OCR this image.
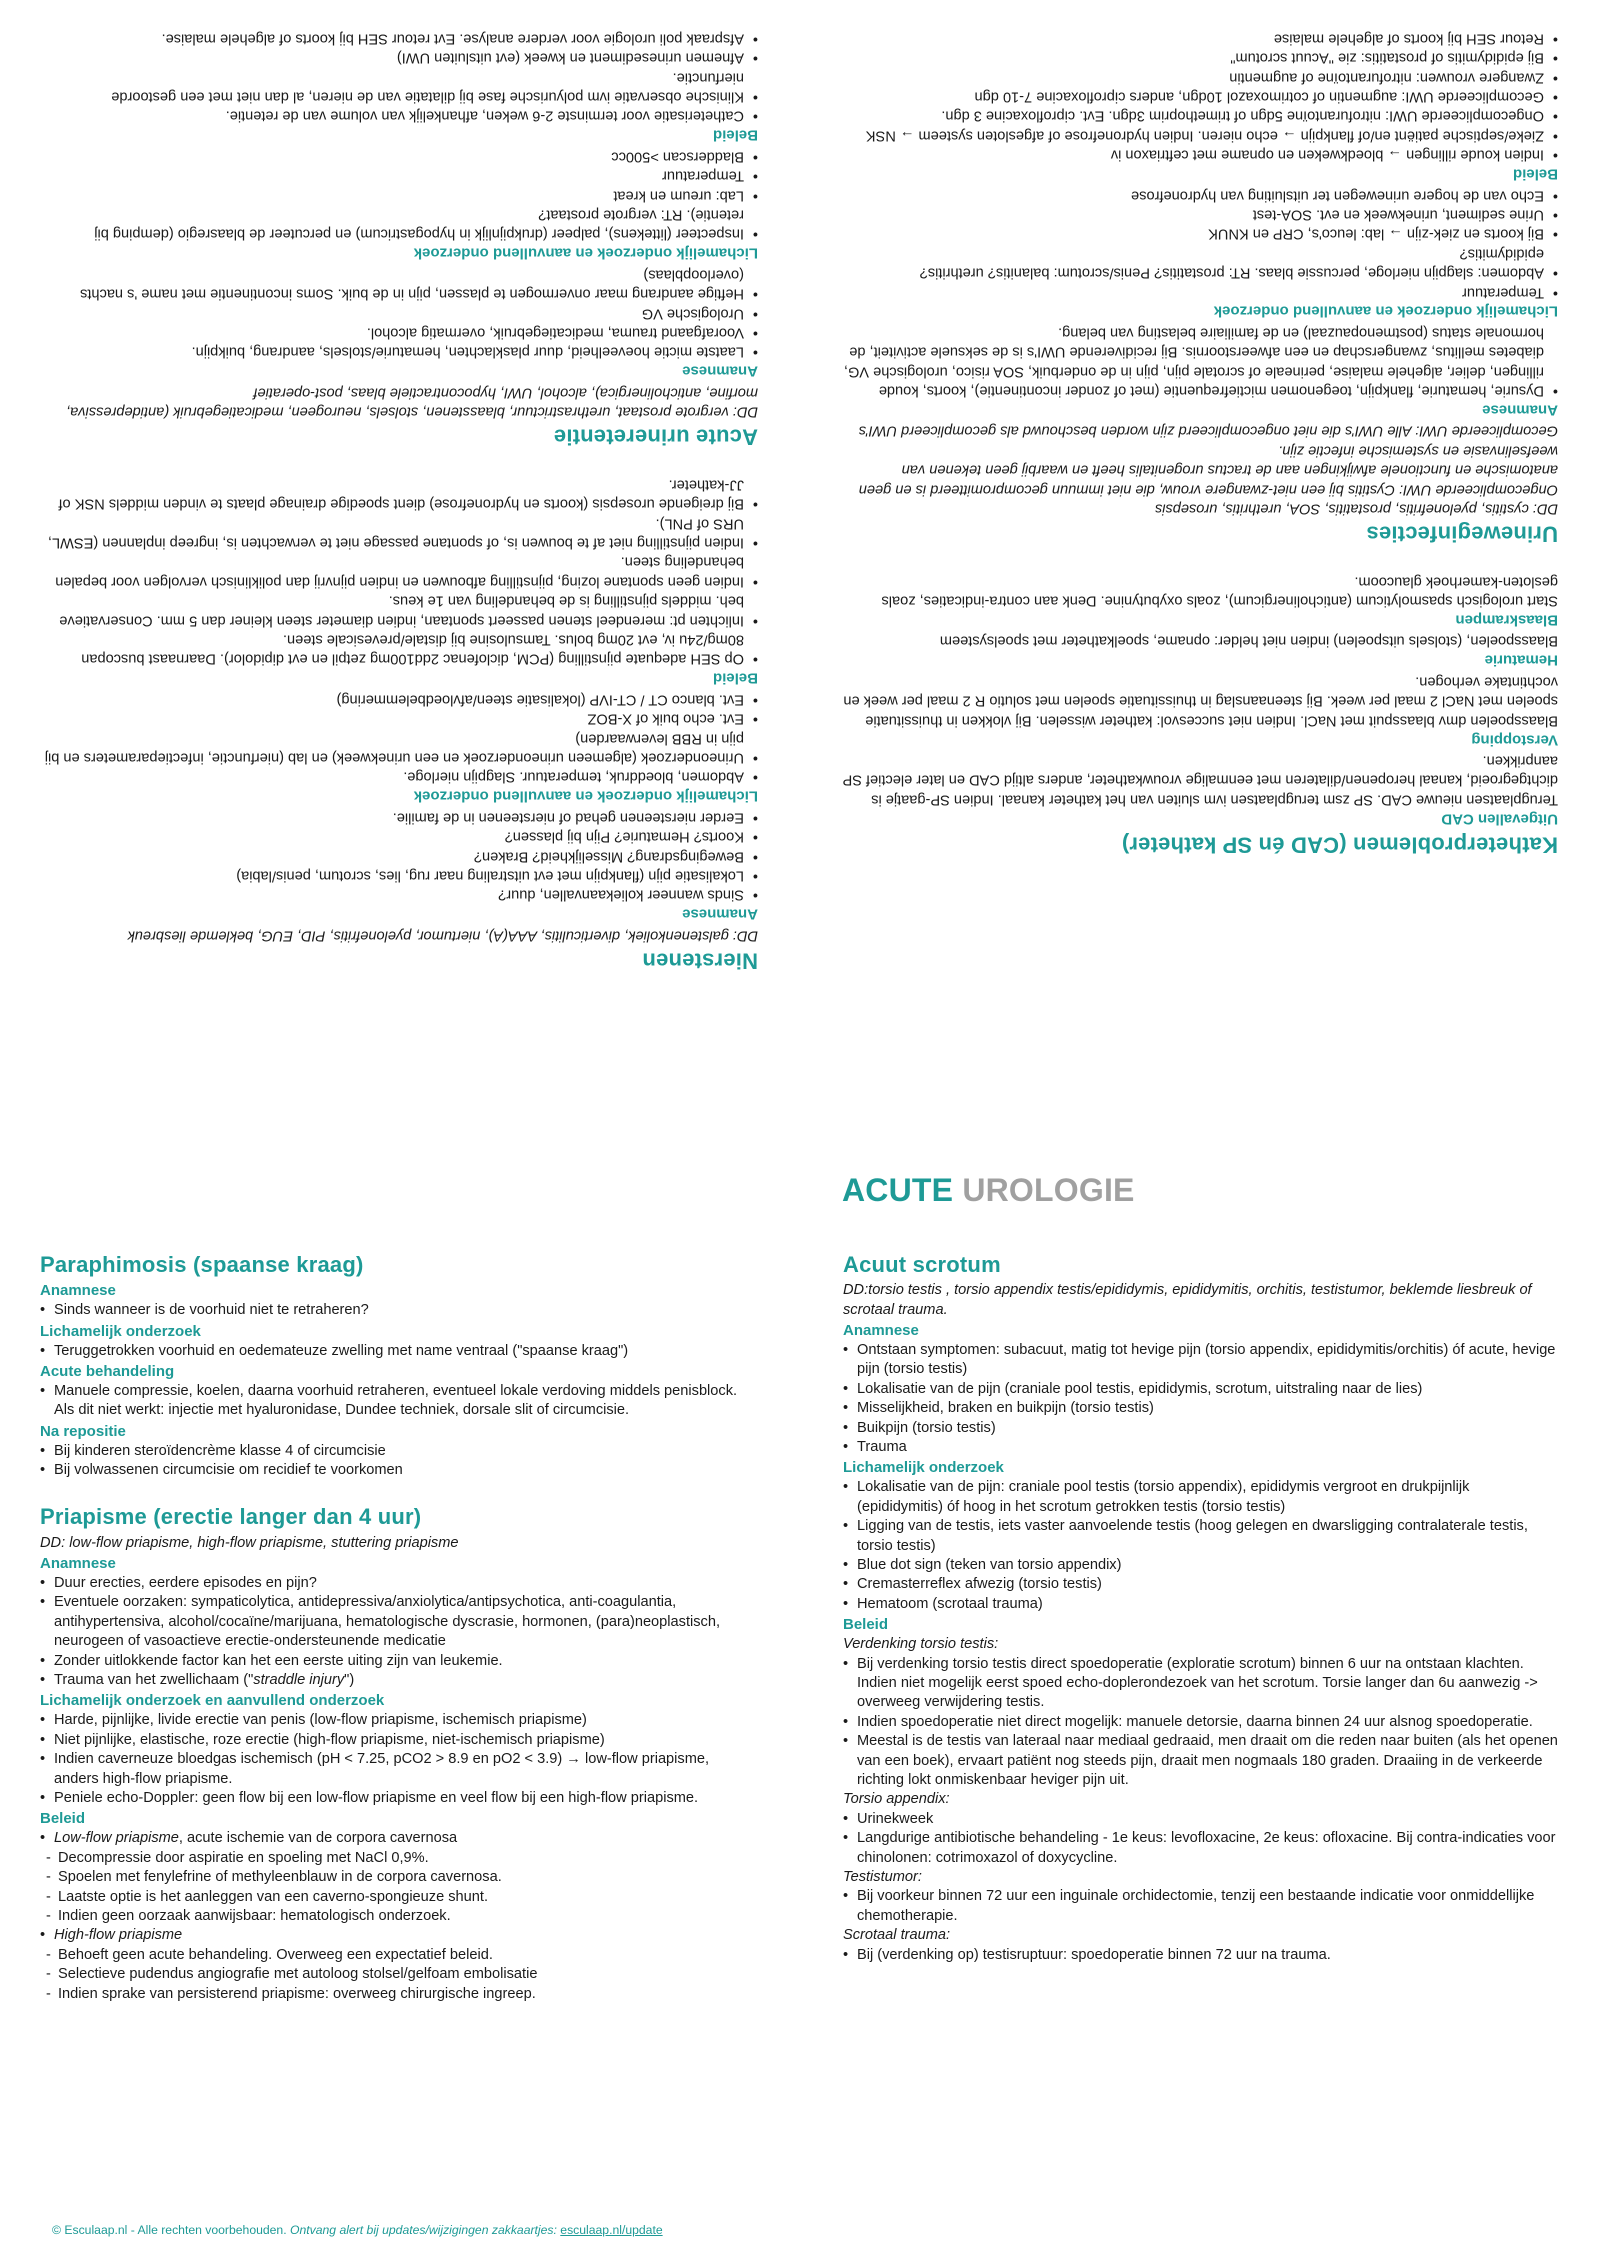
Nierstenen
DD: galstenenkoliek, diverticulitis, AAA(A), niertumor, pyelonefritis, PID, EUG, beklemde liesbreuk
Anamnese
• Sinds wanneer koliekaanvallen, duur?
• Lokalisatie pijn (flankpijn met evt uitstraling naar rug, lies, scrotum, penis/labia)
• Bewegingsdrang? Misselijkheid? Braken?
• Koorts? Hematurie? Pijn bij plassen?
• Eerder niersteenen gehad of niersteenen in de familie.
Lichamelijk onderzoek en aanvullend onderzoek
• Abdomen, bloeddruk, temperatuur. Slagpijn nierloge.
• Urineonderzoek (algemeen urineonderzoek en een urinekweek) en lab (nierfunctie, infectieparameters en bij pijn in RBB leverwaarden)
• Evt. echo buik of X-BOZ
• Evt. blanco CT / CT-IVP (lokalisatie steen/afvloedbelemmering)
Beleid
• Op SEH adequate pijnstilling (PCM, diclofenac 2dd100mg zetpil en evt dipidolor). Daarnaast buscopan 80mg/24u iv, evt 20mg bolus. Tamsulosine bij distale/prevesicale steen.
• Inlichten pt: merendeel stenen passeert spontaan, indien diameter steen kleiner dan 5 mm. Conservatieve beh. middels pijnstilling is de behandeling van 1e keus.
• Indien geen spontane lozing, pijnstilling afbouwen en indien pijnvrij dan poliklinisch vervolgen voor bepalen behandeling steen.
• Indien pijnstilling niet af te bouwen is, of spontane passage niet te verwachten is, ingreep inplannen (ESWL, URS of PNL).
• Bij dreigende urosepsis (koorts en hydronefrose) dient spoedige drainage plaats te vinden middels NSK of JJ-katheter.
Acute urineretentie
DD: vergrote prostaat, urethrastrictuur, blaasstenen, stolsels, neurogeen, medicatiegebruik (antidepressiva, morfine, anticholinergica), alcohol, UWI, hypocontractiele blaas, post-operatief
Anamnese
• Laatste mictie hoeveelheid, duur plasklachten, hematurie/stolsels, aandrang, buikpijn.
• Voorafgaand trauma, medicatiegebruik, overmatig alcohol.
• Urologische VG
• Heftige aandrang maar onvermogen te plassen, pijn in de buik. Soms incontinentie met name 's nachts (overloopblaas)
Lichamelijk onderzoek en aanvullend onderzoek
• Inspecteer (littekens), palpeer (drukpijnlijk in hypogastricum) en percuteer de blaasregio (demping bij retentie). RT: vergrote prostaat?
• Lab: ureum en kreat
• Temperatuur
• Bladderscan >500cc
Beleid
• Catheterisatie voor terminste 2-6 weken, afhankelijk van volume van de retentie.
• Klinische observatie ivm polyurische fase bij dilatatie van de nieren, al dan niet met een gestoorde nierfunctie.
• Afnemen urinesediment en kweek (evt uitsluiten UWI)
• Afspraak poli urologie voor verdere analyse. Evt retour SEH bij koorts of algehele malaise.
Katheterproblemen (CAD én SP katheter)
Uitgevallen CAD

Terugplaatsen nieuwe CAD. SP zsm terugplaatsen ivm sluiten van het katheter kanaal. Indien SP-gaatje is dichtgegroeid, kanaal heropenen/dilateren met eenmalige vrouwkatheter, anders altijd CAD en later electief SP aanprikken.

Verstopping

Blaasspoelen dmv blaasspuit met NaCl. Indien niet succesvol: katheter wisselen. Bij vlokken in thuissituatie spoelen met NaCl 2 maal per week. Bij steenaanslag in thuissituatie spoelen met solutio R 2 maal per week en vochtintake verhogen.

Hematurie

Blaasspoelen, (stolsels uitspoelen) indien niet helder: opname, spoelkatheter met spoelsysteem

Blaaskrampen

Start urologisch spasmolyticum (anticholinergicum), zoals oxybutynine. Denk aan contra-indicaties, zoals gesloten-kamerhoek glaucoom.

Urineweginfecties
DD: cystitis, pyelonefritis, prostatitis, SOA, urethritis, urosepsis

Ongecompliceerde UWI: Cystitis bij een niet-zwangere vrouw, die niet immuun gecompromitteerd is en geen anatomische en functionele afwijkingen aan de tractus urogenitalis heeft en waarbij geen tekenen van weefselinvasie en systemische infectie zijn.

Gecompliceerde UWI: Alle UWI's die niet ongecompliceerd zijn worden beschouwd als gecompliceerd UWI's

Anamnese
• Dysurie, hematurie, flankpijn, toegenomen mictiefrequentie (met of zonder incontinentie), koorts, koude rillingen, delier, algehele malaise, perineale of scrotale pijn, pijn in de onderbuik, SOA risico, urologische VG, diabetes mellitus, zwangerschap en een afweerstoornis. Bij recidiverende UWI's is de seksuele activiteit, de hormonale status (postmenopauzaal) en de familiaire belasting van belang.
Lichamelijk onderzoek en aanvullend onderzoek
• Temperatuur
• Abdomen: slagpijn nierloge, percussie blaas. RT: prostatitis? Penis/scrotum: balanitis? urethritis? epididymitis?
• Bij koorts en ziek-zijn → lab: leuco's, CRP en KNUK
• Urine sediment, urinekweek en evt. SOA-test
• Echo van de hogere urinewegen ter uitsluiting van hydronefrose
Beleid
• Indien koude rillingen → bloedkweken en opname met ceftriaxon iv
• Zieke/septische patiënt en/of flankpijn → echo nieren. Indien hydronefrose of afgesloten systeem → NSK
• Ongecompliceerde UWI: nitrofurantoïne 5dgn of trimethoprim 3dgn. Evt. ciprofloxacine 3 dgn.
• Gecompliceerde UWI: augmentin of cotrimoxazol 10dgn, anders ciprofloxacine 7-10 dgn
• Zwangere vrouwen: nitrofurantoïne of augmentin
• Bij epididymitis of prostatitis: zie "Acuut scrotum"
• Retour SEH bij koorts of algehele malaise
ACUTE UROLOGIE
Paraphimosis (spaanse kraag)
Anamnese
• Sinds wanneer is de voorhuid niet te retraheren?
Lichamelijk onderzoek
• Teruggetrokken voorhuid en oedemateuze zwelling met name ventraal ("spaanse kraag")
Acute behandeling
• Manuele compressie, koelen, daarna voorhuid retraheren, eventueel lokale verdoving middels penisblock. Als dit niet werkt: injectie met hyaluronidase, Dundee techniek, dorsale slit of circumcisie.
Na repositie
• Bij kinderen steroïdencrème klasse 4 of circumcisie
• Bij volwassenen circumcisie om recidief te voorkomen
Priapisme (erectie langer dan 4 uur)
DD: low-flow priapisme, high-flow priapisme, stuttering priapisme
Anamnese
• Duur erecties, eerdere episodes en pijn?
• Eventuele oorzaken: sympaticolytica, antidepressiva/anxiolytica/antipsychotica, anti-coagulantia, antihypertensiva, alcohol/cocaïne/marijuana, hematologische dyscrasie, hormonen, (para)neoplastisch, neurogeen of vasoactieve erectie-ondersteunende medicatie
• Zonder uitlokkende factor kan het een eerste uiting zijn van leukemie.
• Trauma van het zwellichaam ("straddle injury")
Lichamelijk onderzoek en aanvullend onderzoek
• Harde, pijnlijke, livide erectie van penis (low-flow priapisme, ischemisch priapisme)
• Niet pijnlijke, elastische, roze erectie (high-flow priapisme, niet-ischemisch priapisme)
• Indien caverneuze bloedgas ischemisch (pH < 7.25, pCO2 > 8.9 en pO2 < 3.9) → low-flow priapisme, anders high-flow priapisme.
• Peniele echo-Doppler: geen flow bij een low-flow priapisme en veel flow bij een high-flow priapisme.
Beleid
• Low-flow priapisme, acute ischemie van de corpora cavernosa
- Decompressie door aspiratie en spoeling met NaCl 0,9%.
- Spoelen met fenylefrine of methyleenblauw in de corpora cavernosa.
- Laatste optie is het aanleggen van een caverno-spongieuze shunt.
- Indien geen oorzaak aanwijsbaar: hematologisch onderzoek.
• High-flow priapisme
- Behoeft geen acute behandeling. Overweeg een expectatief beleid.
- Selectieve pudendus angiografie met autoloog stolsel/gelfoam embolisatie
- Indien sprake van persisterend priapisme: overweeg chirurgische ingreep.
Acuut scrotum
DD:torsio testis , torsio appendix testis/epididymis, epididymitis, orchitis, testistumor, beklemde liesbreuk of scrotaal trauma.
Anamnese
• Ontstaan symptomen: subacuut, matig tot hevige pijn (torsio appendix, epididymitis/orchitis) óf acute, hevige pijn (torsio testis)
• Lokalisatie van de pijn (craniale pool testis, epididymis, scrotum, uitstraling naar de lies)
• Misselijkheid, braken en buikpijn (torsio testis)
• Buikpijn (torsio testis)
• Trauma
Lichamelijk onderzoek
• Lokalisatie van de pijn: craniale pool testis (torsio appendix), epididymis vergroot en drukpijnlijk (epididymitis) óf hoog in het scrotum getrokken testis (torsio testis)
• Ligging van de testis, iets vaster aanvoelende testis (hoog gelegen en dwarsligging contralaterale testis, torsio testis)
• Blue dot sign (teken van torsio appendix)
• Cremasterreflex afwezig (torsio testis)
• Hematoom (scrotaal trauma)
Beleid
Verdenking torsio testis:
• Bij verdenking torsio testis direct spoedoperatie (exploratie scrotum) binnen 6 uur na ontstaan klachten. Indien niet mogelijk eerst spoed echo-doplerondezoek van het scrotum. Torsie langer dan 6u aanwezig -> overweeg verwijdering testis.
• Indien spoedoperatie niet direct mogelijk: manuele detorsie, daarna binnen 24 uur alsnog spoedoperatie.
• Meestal is de testis van lateraal naar mediaal gedraaid, men draait om die reden naar buiten (als het openen van een boek), ervaart patiënt nog steeds pijn, draait men nogmaals 180 graden. Draaiing in de verkeerde richting lokt onmiskenbaar heviger pijn uit.
Torsio appendix:
• Urinekweek
• Langdurige antibiotische behandeling - 1e keus: levofloxacine, 2e keus: ofloxacine. Bij contra-indicaties voor chinolonen: cotrimoxazol of doxycycline.
Testistumor:
• Bij voorkeur binnen 72 uur een inguinale orchidectomie, tenzij een bestaande indicatie voor onmiddellijke chemotherapie.
Scrotaal trauma:
• Bij (verdenking op) testisruptuur: spoedoperatie binnen 72 uur na trauma.
© Esculaap.nl - Alle rechten voorbehouden. Ontvang alert bij updates/wijzigingen zakkaartjes: esculaap.nl/update
